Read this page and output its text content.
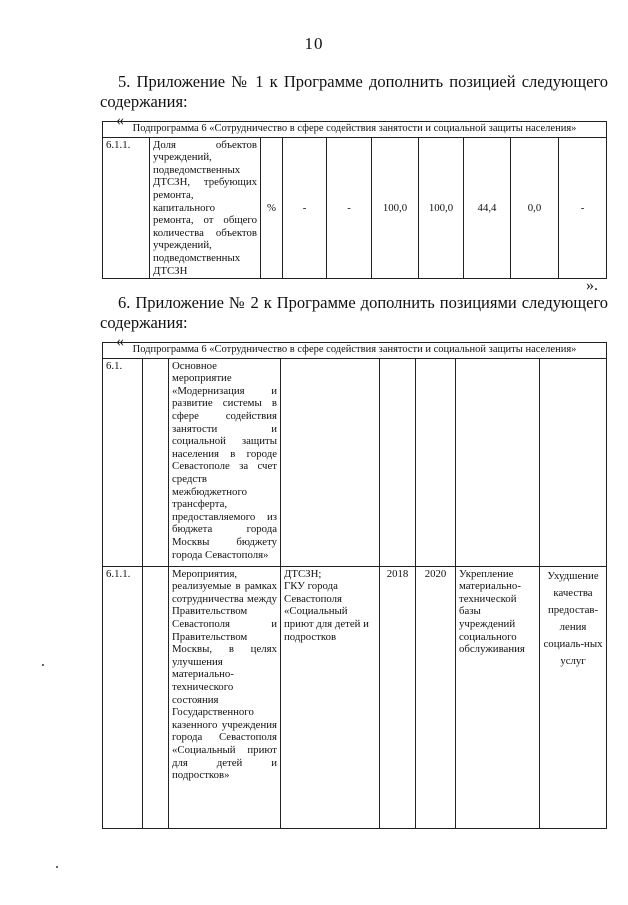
10
5. Приложение № 1 к Программе дополнить позицией следующего
содержания:
« Подпрограмма 6 «Сотрудничество в сфере содействия занятости и социальной защиты населения»
6.1.1.	Доля объектов учреждений, подведомственных ДТСЗН, требующих ремонта, капитального ремонта, от общего количества объектов учреждений, подведомственных ДТСЗН	%	-	-	100,0	100,0	44,4	0,0	-
».
6. Приложение № 2 к Программе дополнить позициями следующего
содержания:
« Подпрограмма 6 «Сотрудничество в сфере содействия занятости и социальной защиты населения»							
6.1.		Основное мероприятие «Модернизация и развитие системы в сфере содействия занятости и социальной защиты населения в городе Севастополе за счет средств межбюджетного трансферта, предоставляемого из бюджета города Москвы бюджету города Севастополя»					
6.1.1.		Мероприятия, реализуемые в рамках сотрудничества между Правительством Севастополя и Правительством Москвы, в целях улучшения материально-технического состояния Государственного казенного учреждения города Севастополя «Социальный приют для детей и подростков»	ДТСЗН;
ГКУ города Севастополя «Социальный приют для детей и подростков	2018	2020	Укрепление материально-технической базы учреждений социального обслуживания	Ухудшение качества предостав-ления социаль-ных услуг
